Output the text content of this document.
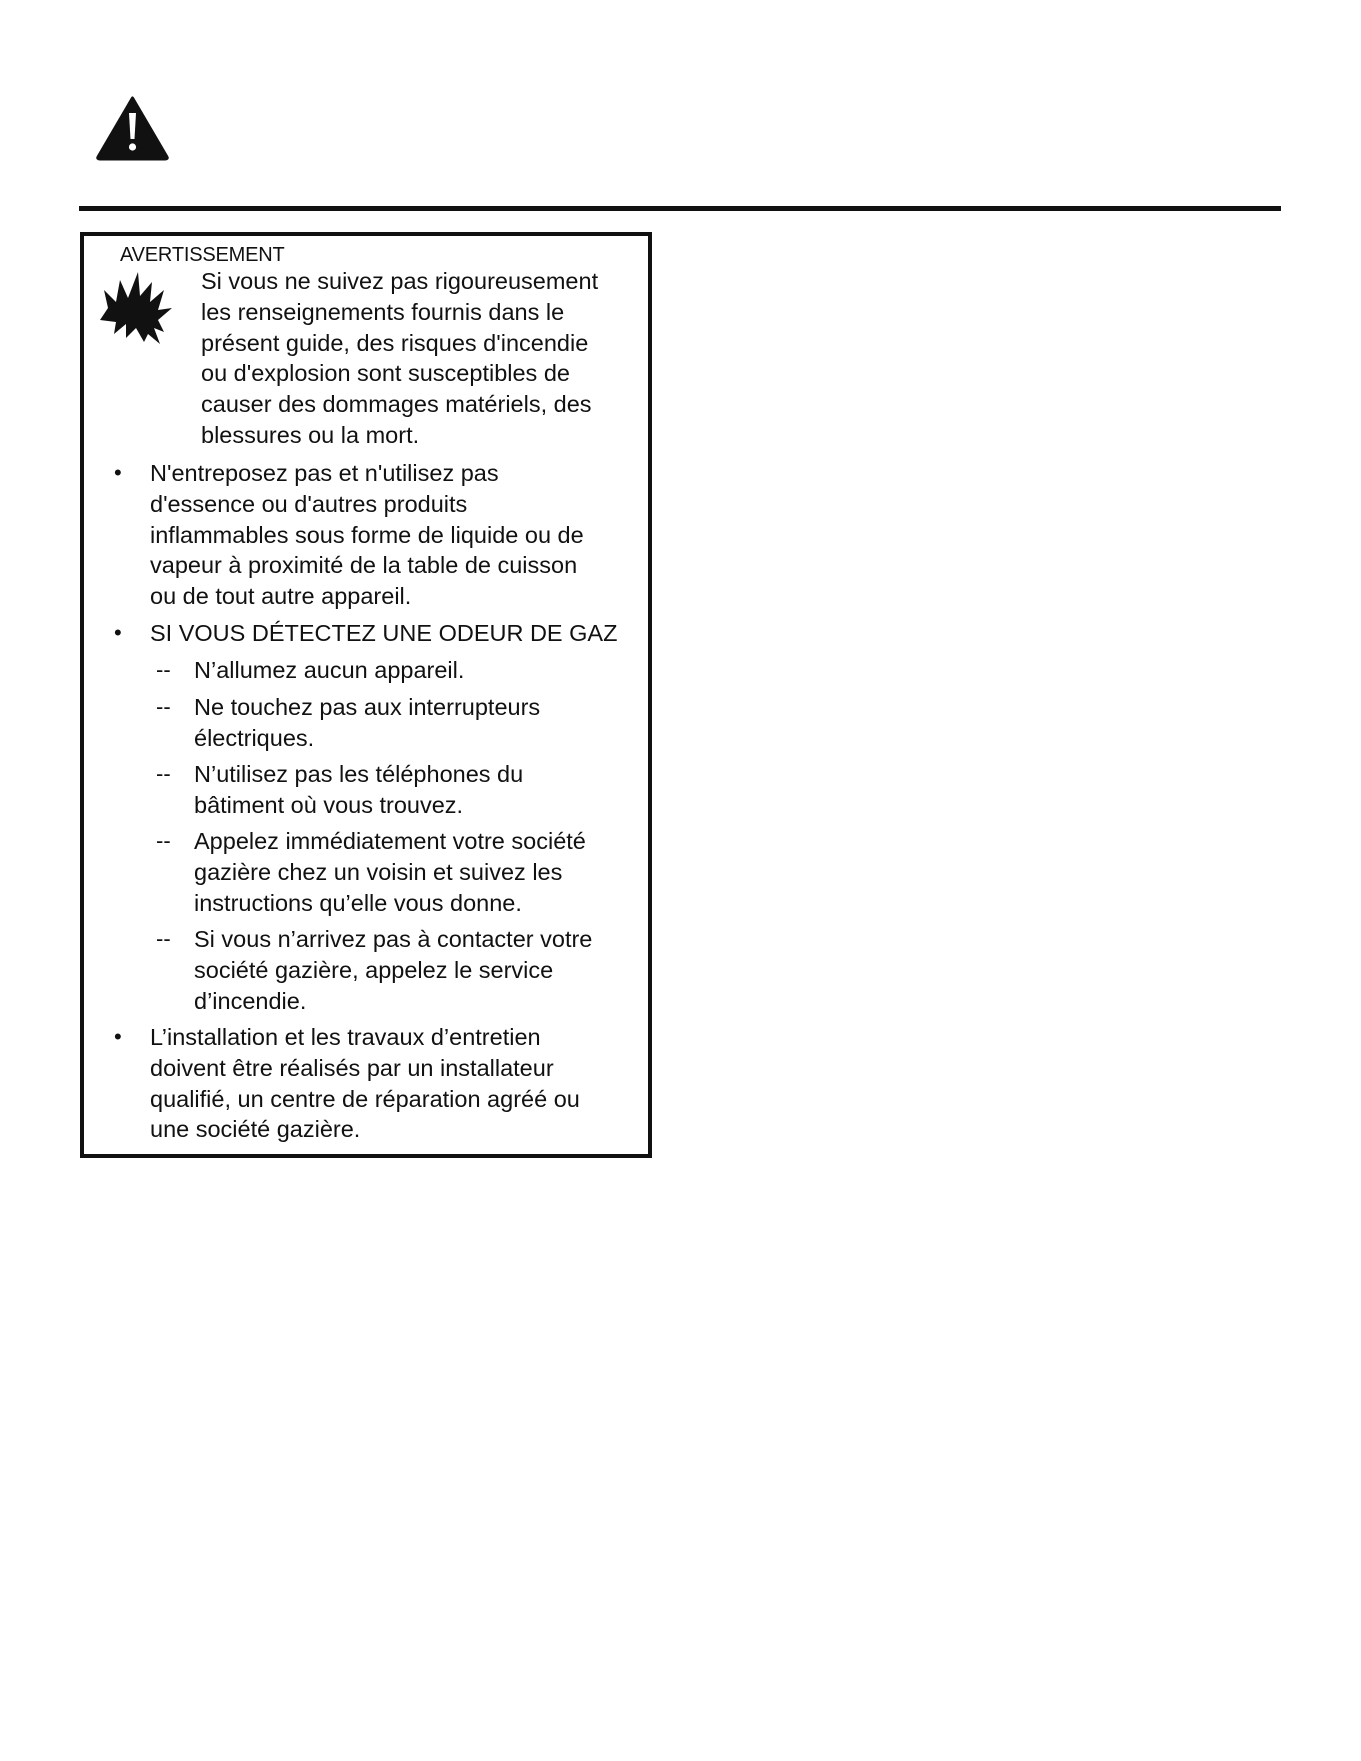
AVERTISSEMENT
Si vous ne suivez pas rigoureusement
les renseignements fournis dans le
présent guide, des risques d'incendie
ou d'explosion sont susceptibles de
causer des dommages matériels, des
blessures ou la mort.
• N'entreposez pas et n'utilisez pas
d'essence ou d'autres produits
inflammables sous forme de liquide ou de
vapeur à proximité de la table de cuisson
ou de tout autre appareil.
• SI VOUS DÉTECTEZ UNE ODEUR DE GAZ
-- N’allumez aucun appareil.
-- Ne touchez pas aux interrupteurs
électriques.
-- N’utilisez pas les téléphones du
bâtiment où vous trouvez.
-- Appelez immédiatement votre société
gazière chez un voisin et suivez les
instructions qu’elle vous donne.
-- Si vous n’arrivez pas à contacter votre
société gazière, appelez le service
d’incendie.
• L’installation et les travaux d’entretien
doivent être réalisés par un installateur
qualifié, un centre de réparation agréé ou
une société gazière.
